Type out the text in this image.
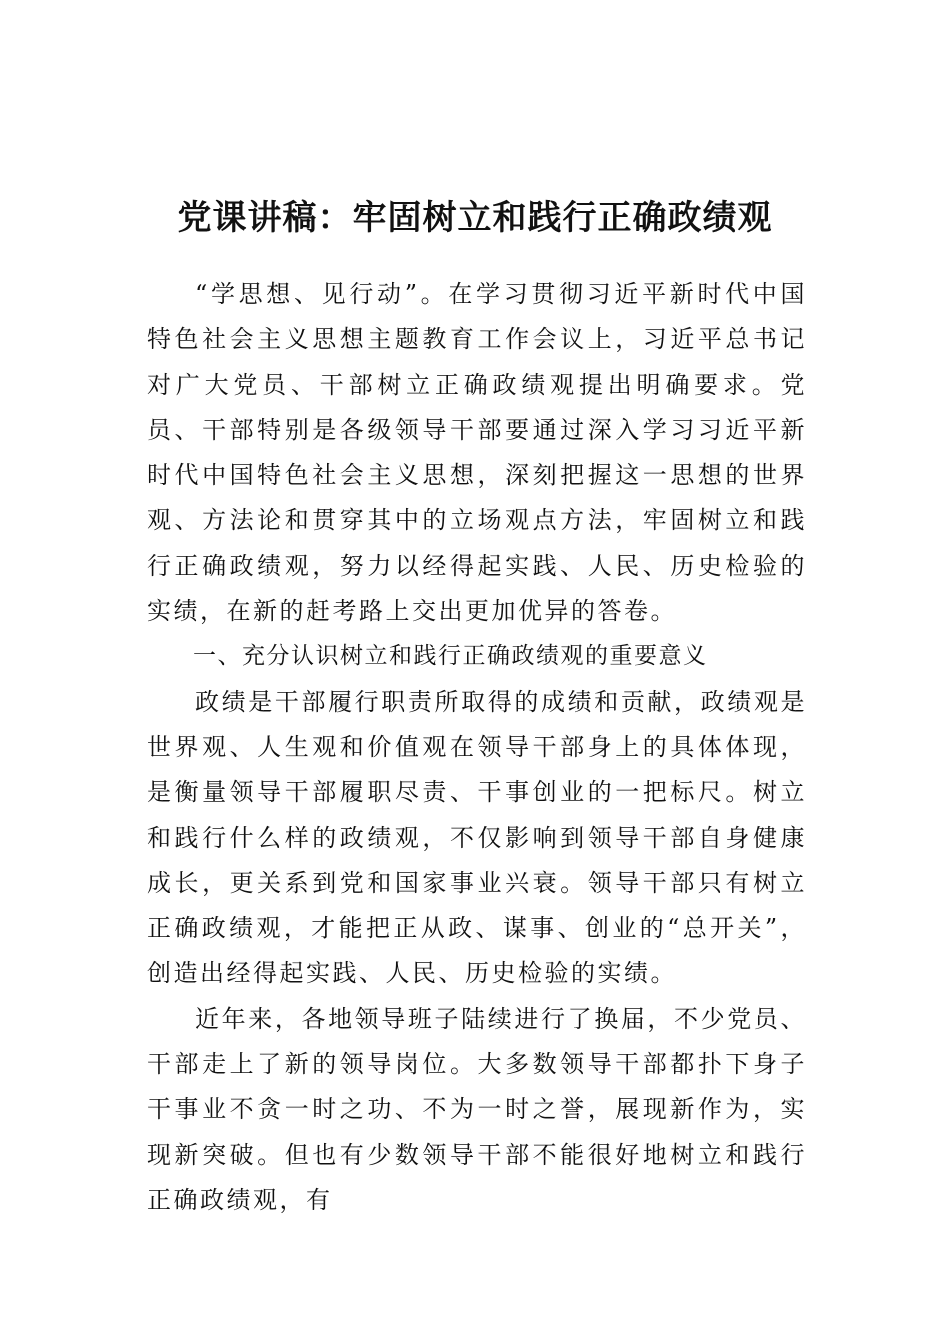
党课讲稿：牢固树立和践行正确政绩观

“学思想、见行动”。在学习贯彻习近平新时代中国特色社会主义思想主题教育工作会议上，习近平总书记对广大党员、干部树立正确政绩观提出明确要求。党员、干部特别是各级领导干部要通过深入学习习近平新时代中国特色社会主义思想，深刻把握这一思想的世界观、方法论和贯穿其中的立场观点方法，牢固树立和践行正确政绩观，努力以经得起实践、人民、历史检验的实绩，在新的赶考路上交出更加优异的答卷。

一、充分认识树立和践行正确政绩观的重要意义

政绩是干部履行职责所取得的成绩和贡献，政绩观是世界观、人生观和价值观在领导干部身上的具体体现，是衡量领导干部履职尽责、干事创业的一把标尺。树立和践行什么样的政绩观，不仅影响到领导干部自身健康成长，更关系到党和国家事业兴衰。领导干部只有树立正确政绩观，才能把正从政、谋事、创业的“总开关”，创造出经得起实践、人民、历史检验的实绩。

近年来，各地领导班子陆续进行了换届，不少党员、干部走上了新的领导岗位。大多数领导干部都扑下身子干事业不贪一时之功、不为一时之誉，展现新作为，实现新突破。但也有少数领导干部不能很好地树立和践行正确政绩观，有
